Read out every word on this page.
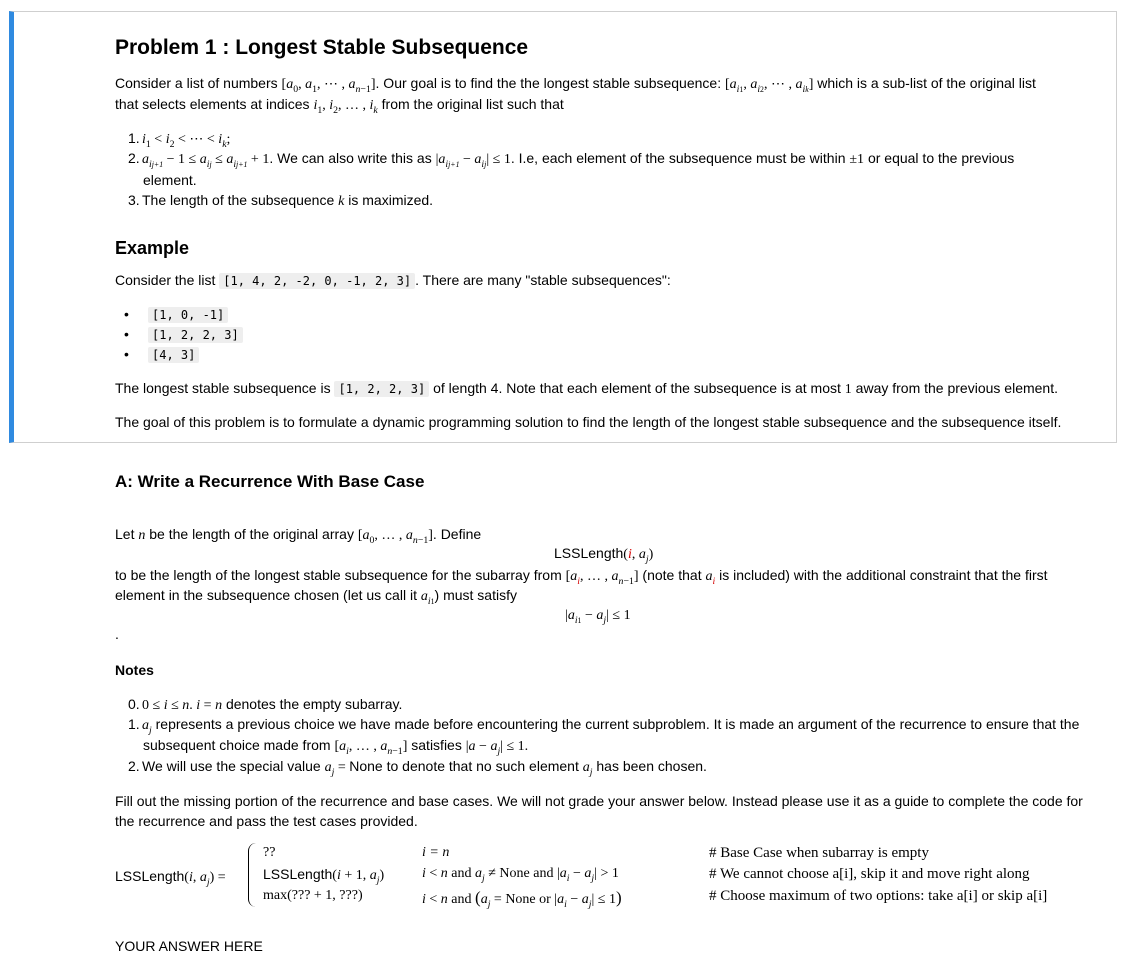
Problem 1 : Longest Stable Subsequence
Consider a list of numbers [$a_0$, $a_1$, ⋯ , $a_{n-1}$]. Our goal is to find the the longest stable subsequence: [$a_{i1}$, $a_{i2}$, ⋯ , $a_{ik}$] which is a sub-list of the original list
that selects elements at indices $i_1$, $i_2$, … , $i_k$ from the original list such that
1. $i_1 < i_2$ < ⋯ < $i_k$;
2. $a_{ij+1} - 1 \le a_{ij} \le a_{ij+1} + 1$. We can also write this as $|a_{ij+1} - a_{ij}| \le 1$. I.e, each element of the subsequence must be within ±1 or equal to the previous
element.
3. The length of the subsequence k is maximized.
Example
Consider the list [1, 4, 2, -2, 0, -1, 2, 3] . There are many "stable subsequences":
• [1, 0, -1]
• [1, 2, 2, 3]
• [4, 3]
The longest stable subsequence is [1, 2, 2, 3] of length 4. Note that each element of the subsequence is at most 1 away from the previous element.
The goal of this problem is to formulate a dynamic programming solution to find the length of the longest stable subsequence and the subsequence itself.
A: Write a Recurrence With Base Case
Let n be the length of the original array [$a_0$, … , $a_{n-1}$]. Define
LSSLength(i, $a_j$)
to be the length of the longest stable subsequence for the subarray from [$a_i$, … , $a_{n-1}$] (note that $a_i$ is included) with the additional constraint that the first
element in the subsequence chosen (let us call it $a_{i1}$) must satisfy
$|a_{i1} - a_j| \le 1$
.
Notes
0. 0 ≤ i ≤ n. i = n denotes the empty subarray.
1. $a_j$ represents a previous choice we have made before encountering the current subproblem. It is made an argument of the recurrence to ensure that the
subsequent choice made from [$a_i$, … , $a_{n-1}$] satisfies $|a - a_j| \le 1$.
2. We will use the special value $a_j$ = None to denote that no such element $a_j$ has been chosen.
Fill out the missing portion of the recurrence and base cases. We will not grade your answer below. Instead please use it as a guide to complete the code for
the recurrence and pass the test cases provided.
LSSLength(i, $a_j$) =
??	i = n	# Base Case when subarray is empty
LSSLength(i + 1, $a_j$)	i < n and $a_j$ ≠ None and $|a_i - a_j| > 1$	# We cannot choose a[i], skip it and move right along
max(??? + 1, ???)	i < n and ($a_j$ = None or $|a_i - a_j| \le 1$)	# Choose maximum of two options: take a[i] or skip a[i]
YOUR ANSWER HERE
